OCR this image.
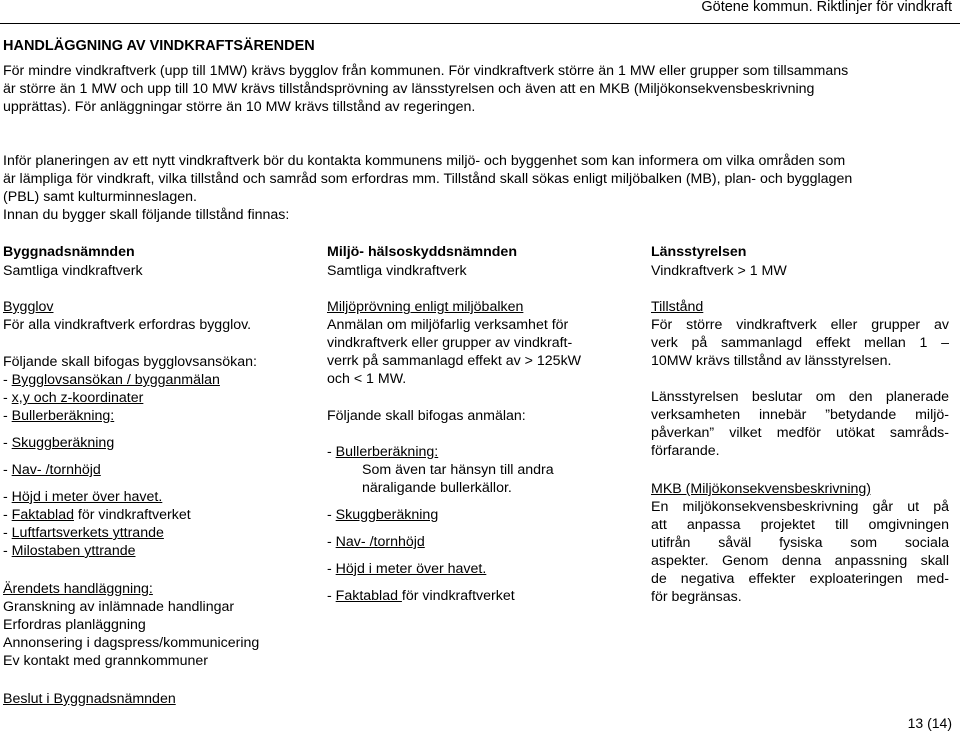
Götene kommun. Riktlinjer för vindkraft
HANDLÄGGNING AV VINDKRAFTSÄRENDEN
För mindre vindkraftverk (upp till 1MW) krävs bygglov från kommunen. För vindkraftverk större än 1 MW eller grupper som tillsammans
är större än 1 MW och upp till 10 MW krävs tillståndsprövning av länsstyrelsen och även att en MKB (Miljökonsekvensbeskrivning
upprättas). För anläggningar större än 10 MW krävs tillstånd av regeringen.
Inför planeringen av ett nytt vindkraftverk bör du kontakta kommunens miljö- och byggenhet som kan informera om vilka områden som
är lämpliga för vindkraft, vilka tillstånd och samråd som erfordras mm. Tillstånd skall sökas enligt miljöbalken (MB), plan- och bygglagen
(PBL) samt kulturminneslagen.
Innan du bygger skall följande tillstånd finnas:
Byggnadsnämnden
Samtliga vindkraftverk
Bygglov
För alla vindkraftverk erfordras bygglov.
Följande skall bifogas bygglovsansökan:
- Bygglovsansökan / bygganmälan
- x,y och z-koordinater
- Bullerberäkning:
- Skuggberäkning
- Nav- /tornhöjd
- Höjd i meter över havet.
- Faktablad för vindkraftverket
- Luftfartsverkets yttrande
- Milostaben yttrande
Ärendets handläggning:
Granskning av inlämnade handlingar
Erfordras planläggning
Annonsering i dagspress/kommunicering
Ev kontakt med grannkommuner
Beslut i Byggnadsnämnden
Miljö- hälsoskyddsnämnden
Samtliga vindkraftverk
Miljöprövning enligt miljöbalken
Anmälan om miljöfarlig verksamhet för
vindkraftverk eller grupper av vindkraft-
verrk på sammanlagd effekt av > 125kW
och < 1 MW.
Följande skall bifogas anmälan:
- Bullerberäkning:
Som även tar hänsyn till andra
näraligande bullerkällor.
- Skuggberäkning
- Nav- /tornhöjd
- Höjd i meter över havet.
- Faktablad för vindkraftverket
Länsstyrelsen
Vindkraftverk > 1 MW
Tillstånd
För större vindkraftverk eller grupper av
verk på sammanlagd effekt mellan 1 –
10MW krävs tillstånd av länsstyrelsen.
Länsstyrelsen beslutar om den planerade
verksamheten innebär ”betydande miljö-
påverkan” vilket medför utökat samråds-
förfarande.
MKB (Miljökonsekvensbeskrivning)
En miljökonsekvensbeskrivning går ut på
att anpassa projektet till omgivningen
utifrån såväl fysiska som sociala
aspekter. Genom denna anpassning skall
de negativa effekter exploateringen med-
för begränsas.
13 (14)
